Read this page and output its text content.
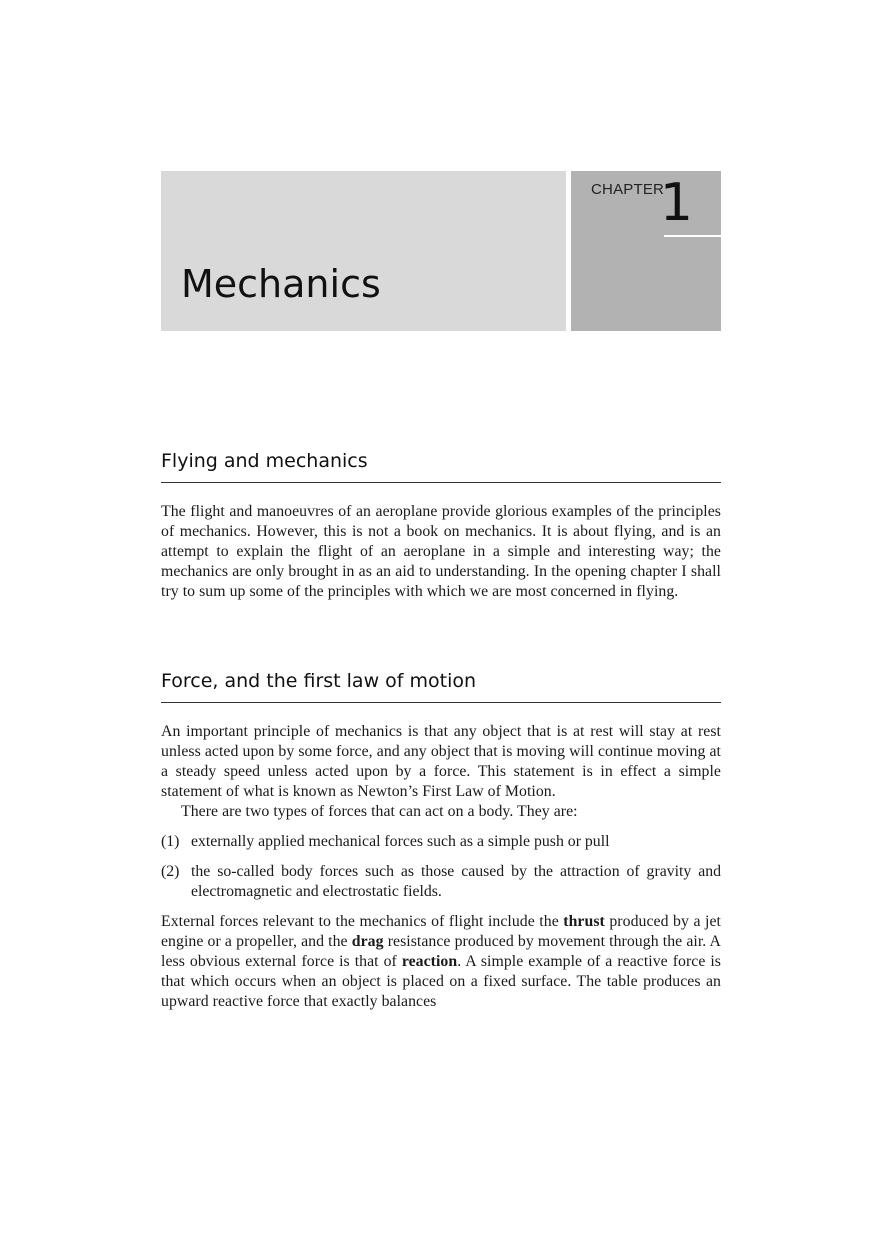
Mechanics
CHAPTER
1
Flying and mechanics

The flight and manoeuvres of an aeroplane provide glorious examples of the principles of mechanics. However, this is not a book on mechanics. It is about flying, and is an attempt to explain the flight of an aeroplane in a simple and interesting way; the mechanics are only brought in as an aid to understanding. In the opening chapter I shall try to sum up some of the principles with which we are most concerned in flying.

Force, and the first law of motion

An important principle of mechanics is that any object that is at rest will stay at rest unless acted upon by some force, and any object that is moving will continue moving at a steady speed unless acted upon by a force. This statement is in effect a simple statement of what is known as Newton’s First Law of Motion.

There are two types of forces that can act on a body. They are:

(1) externally applied mechanical forces such as a simple push or pull
(2) the so-called body forces such as those caused by the attraction of gravity and electromagnetic and electrostatic fields.

External forces relevant to the mechanics of flight include the thrust produced by a jet engine or a propeller, and the drag resistance produced by movement through the air. A less obvious external force is that of reaction. A simple example of a reactive force is that which occurs when an object is placed on a fixed surface. The table produces an upward reactive force that exactly balances
